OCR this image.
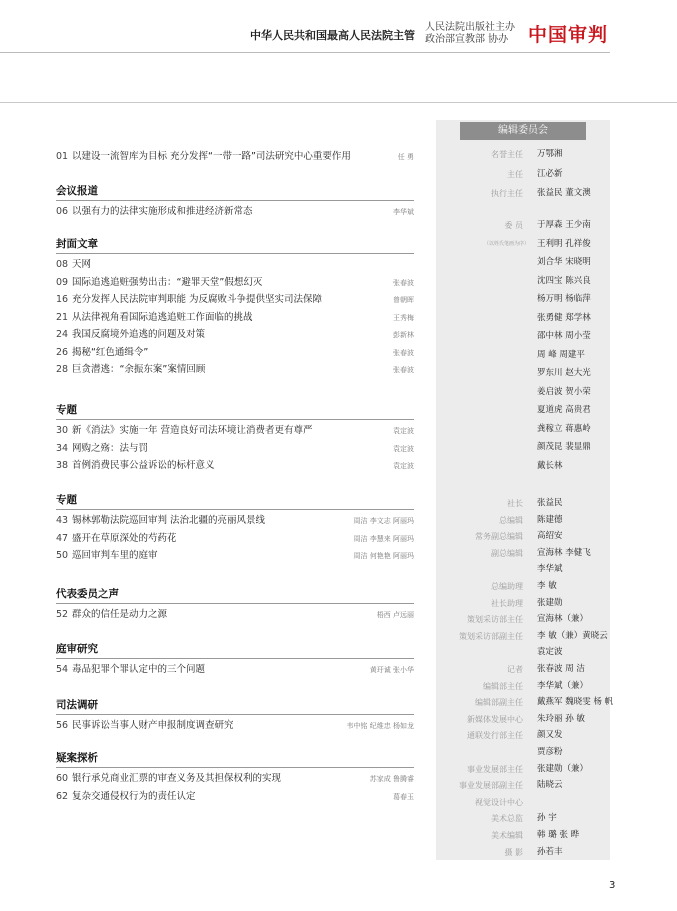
中华人民共和国最高人民法院主管
人民法院出版社主办
政治部宣教部 协办	中国审判
编辑委员会
01 以建设一流智库为目标 充分发挥“一带一路”司法研究中心重要作用	任 勇
会议报道
06 以强有力的法律实施形成和推进经济新常态	李华斌
封面文章
08 天网
09 国际追逃追赃强势出击：“避罪天堂”假想幻灭	张春波
16 充分发挥人民法院审判职能 为反腐败斗争提供坚实司法保障	曾朝晖
21 从法律视角看国际追逃追赃工作面临的挑战	王秀梅
24 我国反腐境外追逃的问题及对策	彭新林
26 揭秘“红色通缉令”	张春波
28 巨贪潜逃：“余振东案”案情回顾	张春波
专题
30 新《消法》实施一年 营造良好司法环境让消费者更有尊严	袁定波
34 网购之殇：法与罚	袁定波
38 首例消费民事公益诉讼的标杆意义	袁定波
专题
43 锡林郭勒法院巡回审判 法治北疆的亮丽风景线	周洁 李文志 阿丽玛
47 盛开在草原深处的芍药花	周洁 李慧来 阿丽玛
50 巡回审判车里的庭审	周洁 何艳艳 阿丽玛
代表委员之声
52 群众的信任是动力之源	梧西 卢远丽
庭审研究
54 毒品犯罪个罪认定中的三个问题	黄玗诚 张小华
司法调研
56 民事诉讼当事人财产申报制度调查研究	韦中铭 纪维忠 杨如龙
疑案探析
60 银行承兑商业汇票的审查义务及其担保权利的实现	苏家成 鲁腾睿
62 复杂交通侵权行为的责任认定	葛春玉
名誉主任 万鄂湘
主任 江必新
执行主任 张益民 董文澳
委 员 于厚森 王少南
王利明 孔祥俊
刘合华 宋晓明
沈四宝 陈兴良
杨万明 杨临萍
张勇健 郑学林
邵中林 周小莹
周 峰 周建平
罗东川 赵大光
姜启波 贺小荣
夏道虎 高贵君
龚稼立 蒋惠岭
颜茂昆 裴显鼎
戴长林
（以姓氏笔画为序）
社长 张益民
总编辑 陈建德
常务副总编辑 高绍安
副总编辑 宣海林 李健飞
李华斌
总编助理 李 敏
社长助理 张建勋
策划采访部主任 宣海林（兼）
策划采访部副主任 李 敏（兼）黄晓云
袁定波
记者 张春波 周 洁
编辑部主任 李华斌（兼）
编辑部副主任 戴燕军 魏晓雯 杨 帆
新媒体发展中心 朱玲丽 孙 敏
通联发行部主任 颜又发
贾彦粉
事业发展部主任 张建勋（兼）
事业发展部副主任 陆晓云
视觉设计中心
美术总监 孙 宇
美术编辑 韩 璐 张 晔
摄 影 孙若丰
3
